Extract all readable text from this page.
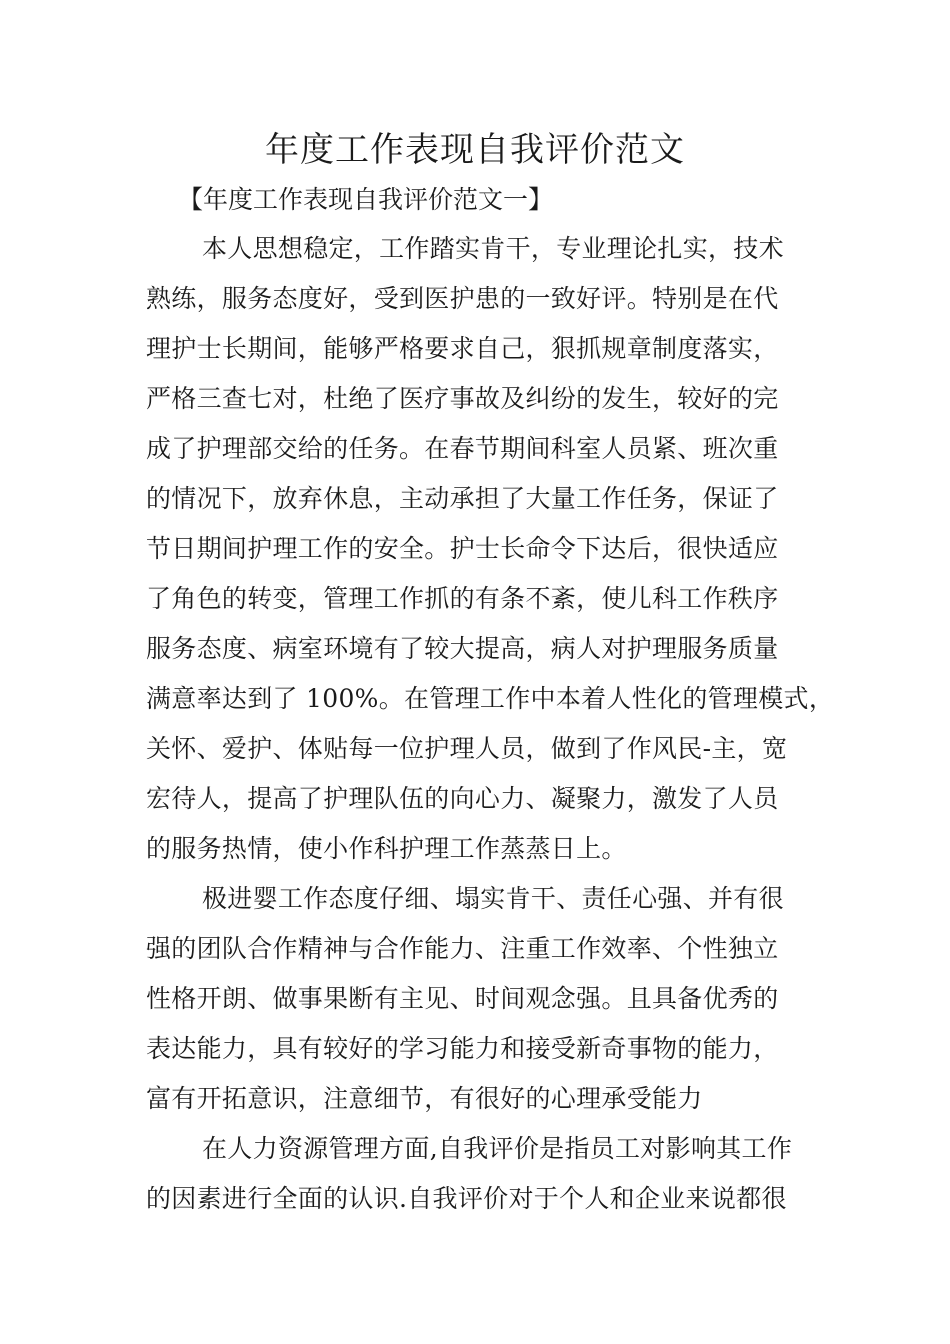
年度工作表现自我评价范文

【年度工作表现自我评价范文一】

本人思想稳定，工作踏实肯干，专业理论扎实，技术
熟练，服务态度好，受到医护患的一致好评。特别是在代
理护士长期间，能够严格要求自己，狠抓规章制度落实，
严格三查七对，杜绝了医疗事故及纠纷的发生，较好的完
成了护理部交给的任务。在春节期间科室人员紧、班次重
的情况下，放弃休息，主动承担了大量工作任务，保证了
节日期间护理工作的安全。护士长命令下达后，很快适应
了角色的转变，管理工作抓的有条不紊，使儿科工作秩序
服务态度、病室环境有了较大提高，病人对护理服务质量
满意率达到了 100%。在管理工作中本着人性化的管理模式，
关怀、爱护、体贴每一位护理人员，做到了作风民-主，宽
宏待人，提高了护理队伍的向心力、凝聚力，激发了人员
的服务热情，使小作科护理工作蒸蒸日上。

极进婴工作态度仔细、塌实肯干、责任心强、并有很
强的团队合作精神与合作能力、注重工作效率、个性独立
性格开朗、做事果断有主见、时间观念强。且具备优秀的
表达能力，具有较好的学习能力和接受新奇事物的能力，
富有开拓意识，注意细节，有很好的心理承受能力

在人力资源管理方面,自我评价是指员工对影响其工作
的因素进行全面的认识.自我评价对于个人和企业来说都很
